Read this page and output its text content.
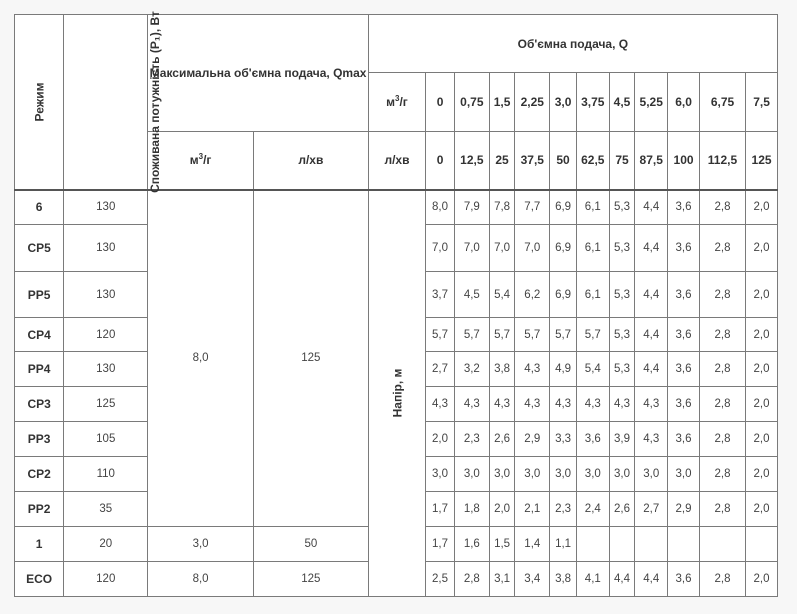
Режим	Споживана потужність (P₁), Вт	Максимальна об'ємна подача, Qmax		Об'ємна подача, Q											
				$м^3/г$	0	0,75	1,5	2,25	3,0	3,75	4,5	5,25	6,0	6,75	7,5
		$м^3/г$	л/хв	л/хв	0	12,5	25	37,5	50	62,5	75	87,5	100	112,5	125
6	130	8,0	125	Напір, м	8,0	7,9	7,8	7,7	6,9	6,1	5,3	4,4	3,6	2,8	2,0
CP5	130				7,0	7,0	7,0	7,0	6,9	6,1	5,3	4,4	3,6	2,8	2,0
PP5	130				3,7	4,5	5,4	6,2	6,9	6,1	5,3	4,4	3,6	2,8	2,0
CP4	120				5,7	5,7	5,7	5,7	5,7	5,7	5,3	4,4	3,6	2,8	2,0
PP4	130				2,7	3,2	3,8	4,3	4,9	5,4	5,3	4,4	3,6	2,8	2,0
CP3	125				4,3	4,3	4,3	4,3	4,3	4,3	4,3	4,3	3,6	2,8	2,0
PP3	105				2,0	2,3	2,6	2,9	3,3	3,6	3,9	4,3	3,6	2,8	2,0
CP2	110				3,0	3,0	3,0	3,0	3,0	3,0	3,0	3,0	3,0	2,8	2,0
PP2	35				1,7	1,8	2,0	2,1	2,3	2,4	2,6	2,7	2,9	2,8	2,0
1	20	3,0	50		1,7	1,6	1,5	1,4	1,1						
ECO	120	8,0	125		2,5	2,8	3,1	3,4	3,8	4,1	4,4	4,4	3,6	2,8	2,0
